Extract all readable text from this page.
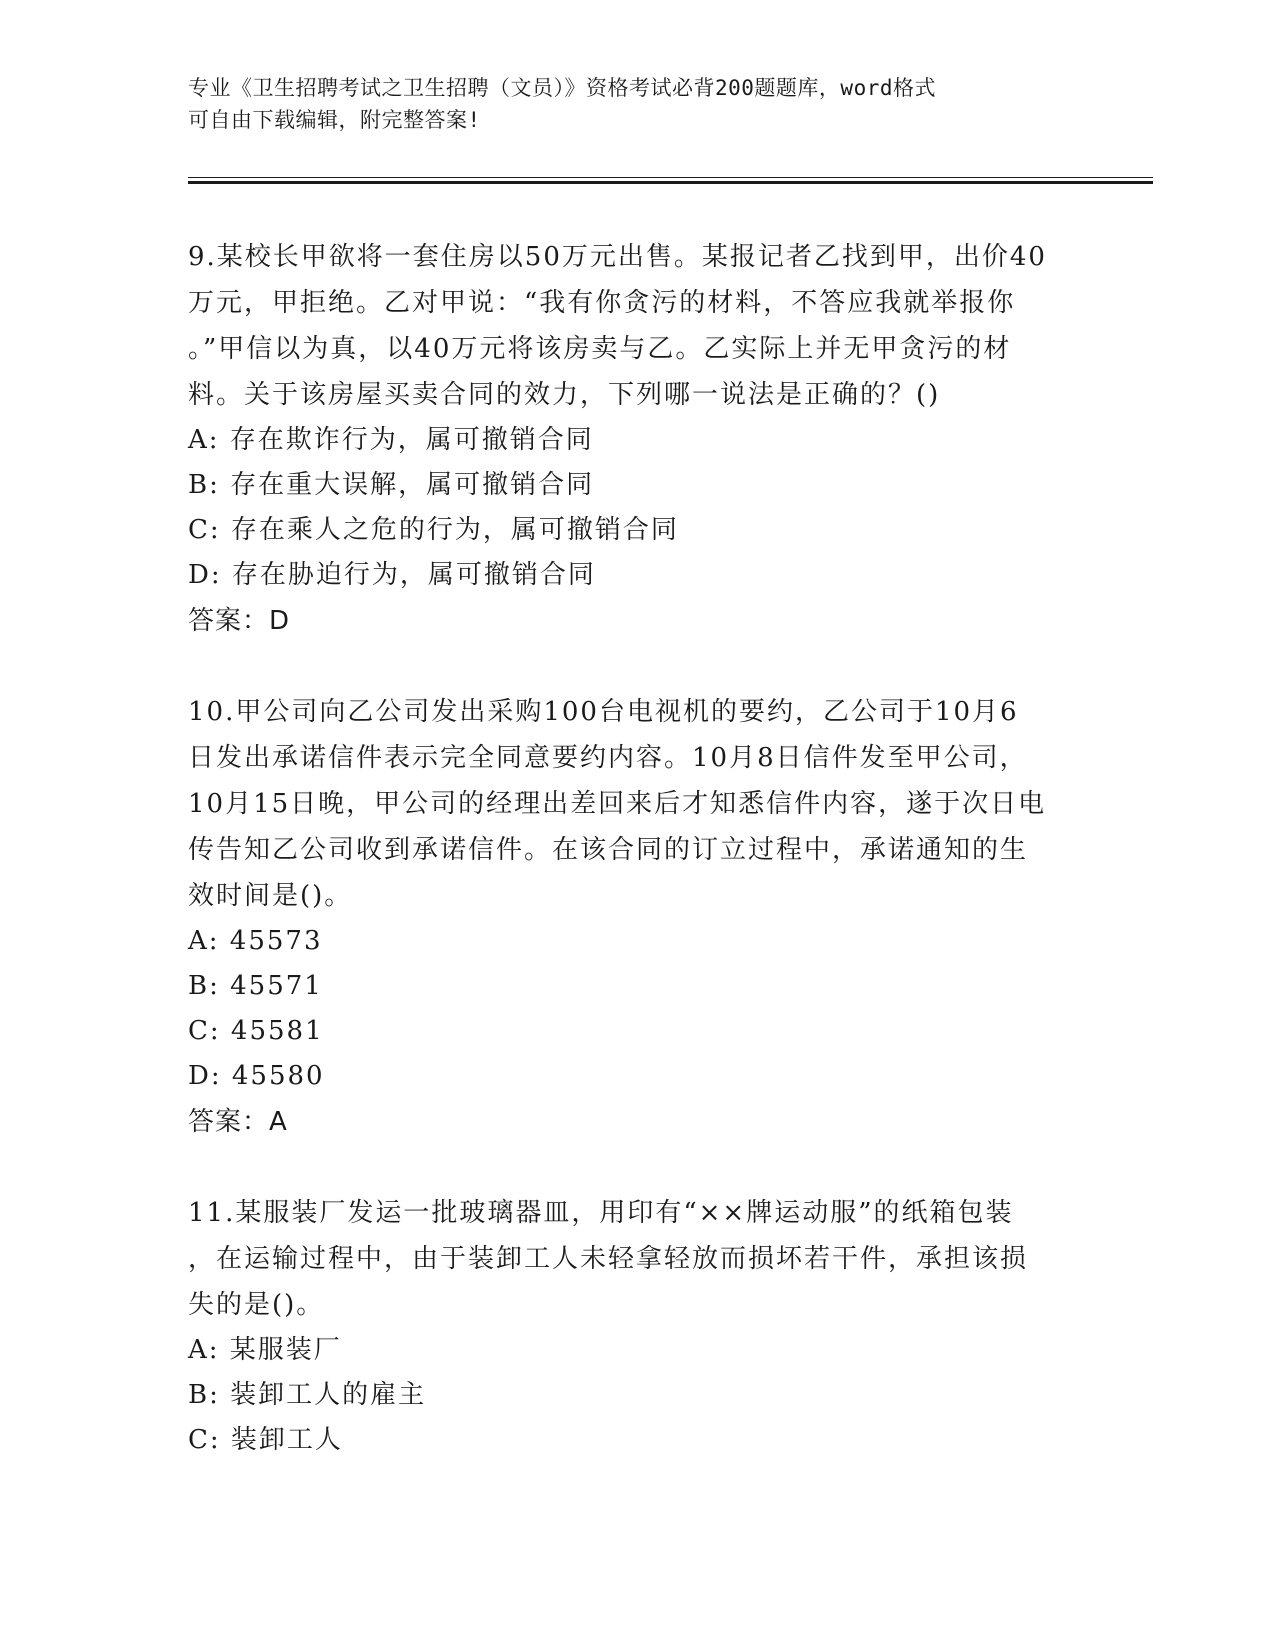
专业《卫生招聘考试之卫生招聘（文员）》资格考试必背200题题库，word格式
可自由下载编辑，附完整答案!
9.某校长甲欲将一套住房以50万元出售。某报记者乙找到甲，出价40
万元，甲拒绝。乙对甲说：“我有你贪污的材料，不答应我就举报你
。”甲信以为真，以40万元将该房卖与乙。乙实际上并无甲贪污的材
料。关于该房屋买卖合同的效力，下列哪一说法是正确的？()
A: 存在欺诈行为，属可撤销合同
B: 存在重大误解，属可撤销合同
C: 存在乘人之危的行为，属可撤销合同
D: 存在胁迫行为，属可撤销合同
答案：D
10.甲公司向乙公司发出采购100台电视机的要约，乙公司于10月6
日发出承诺信件表示完全同意要约内容。10月8日信件发至甲公司，
10月15日晚，甲公司的经理出差回来后才知悉信件内容，遂于次日电
传告知乙公司收到承诺信件。在该合同的订立过程中，承诺通知的生
效时间是()。
A: 45573
B: 45571
C: 45581
D: 45580
答案：A
11.某服装厂发运一批玻璃器皿，用印有“××牌运动服”的纸箱包装
，在运输过程中，由于装卸工人未轻拿轻放而损坏若干件，承担该损
失的是()。
A: 某服装厂
B: 装卸工人的雇主
C: 装卸工人
